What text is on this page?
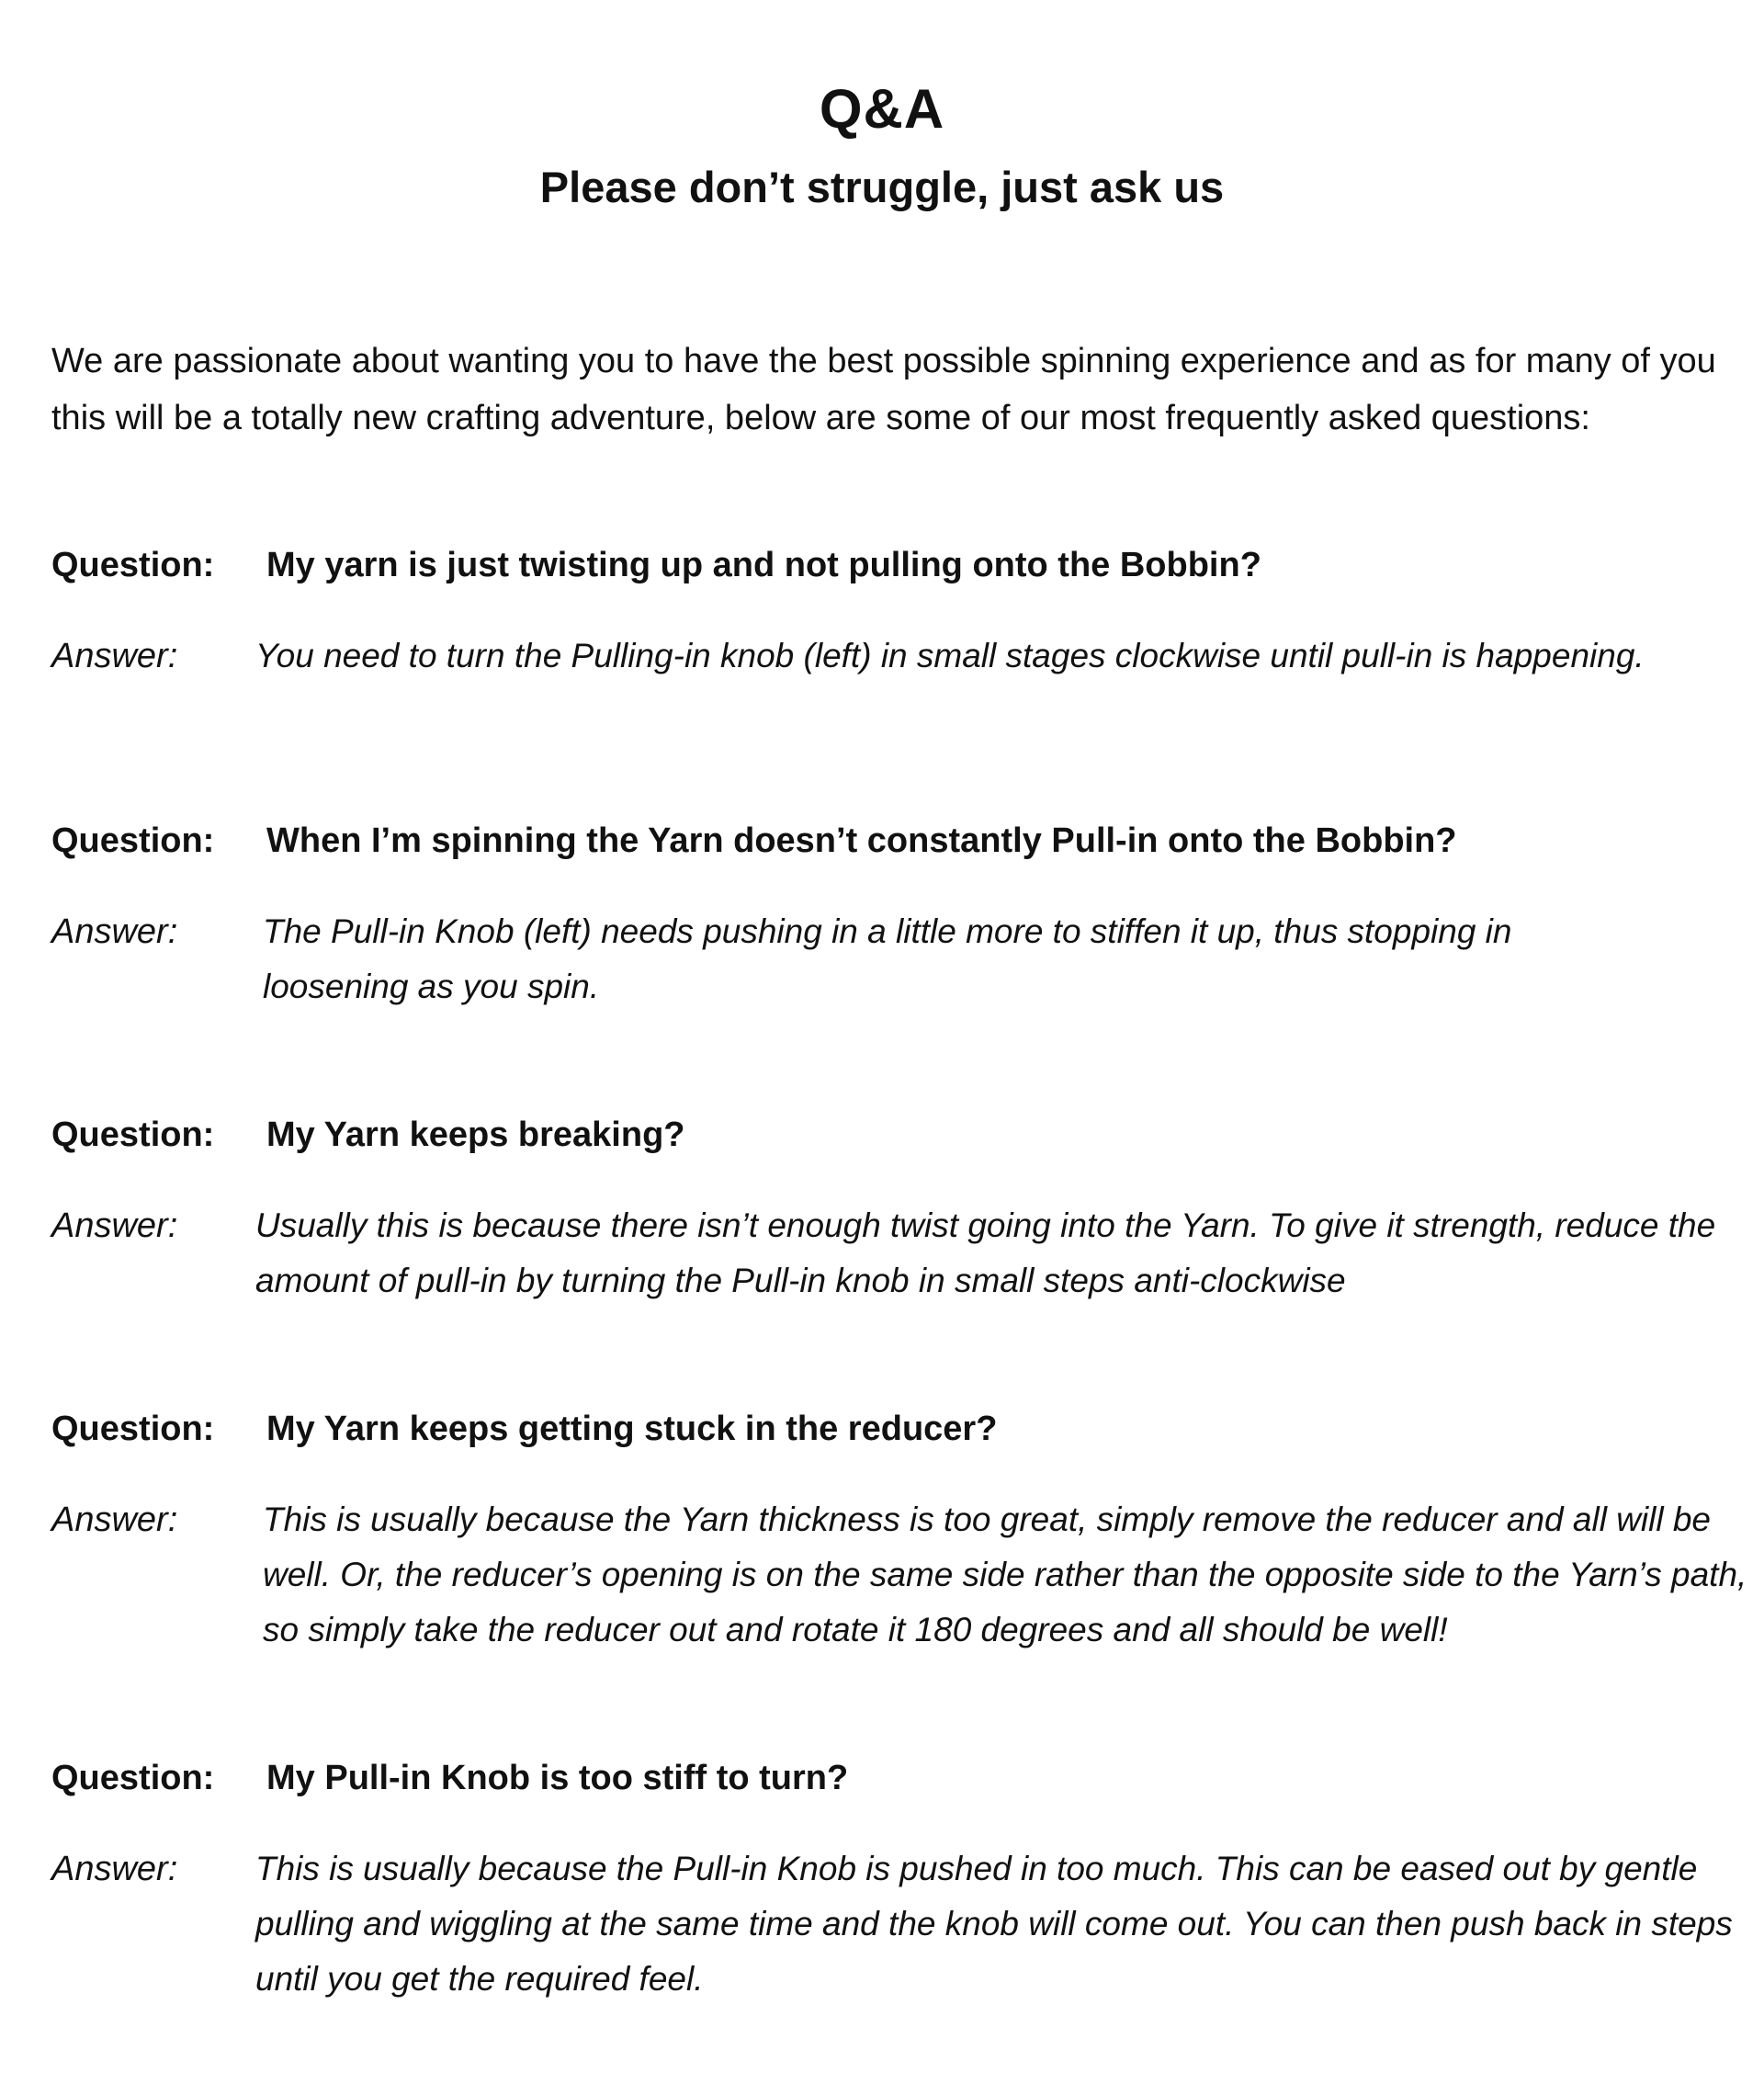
Q&A
Please don’t struggle, just ask us

We are passionate about wanting you to have the best possible spinning experience and as for many of you this will be a totally new crafting adventure, below are some of our most frequently asked questions:

Question: My yarn is just twisting up and not pulling onto the Bobbin?
Answer: You need to turn the Pulling-in knob (left) in small stages clockwise until pull-in is happening.
Question: When I’m spinning the Yarn doesn’t constantly Pull-in onto the Bobbin?
Answer:	The Pull-in Knob (left) needs pushing in a little more to stiffen it up, thus stopping in loosening as you spin.
Question: My Yarn keeps breaking?
Answer: Usually this is because there isn’t enough twist going into the Yarn. To give it strength, reduce the amount of pull-in by turning the Pull-in knob in small steps anti-clockwise
Question: My Yarn keeps getting stuck in the reducer?
Answer:	This is usually because the Yarn thickness is too great, simply remove the reducer and all will be well. Or, the reducer’s opening is on the same side rather than the opposite side to the Yarn’s path, so simply take the reducer out and rotate it 180 degrees and all should be well!
Question: My Pull-in Knob is too stiff to turn?
Answer: This is usually because the Pull-in Knob is pushed in too much. This can be eased out by gentle pulling and wiggling at the same time and the knob will come out. You can then push back in steps until you get the required feel.
